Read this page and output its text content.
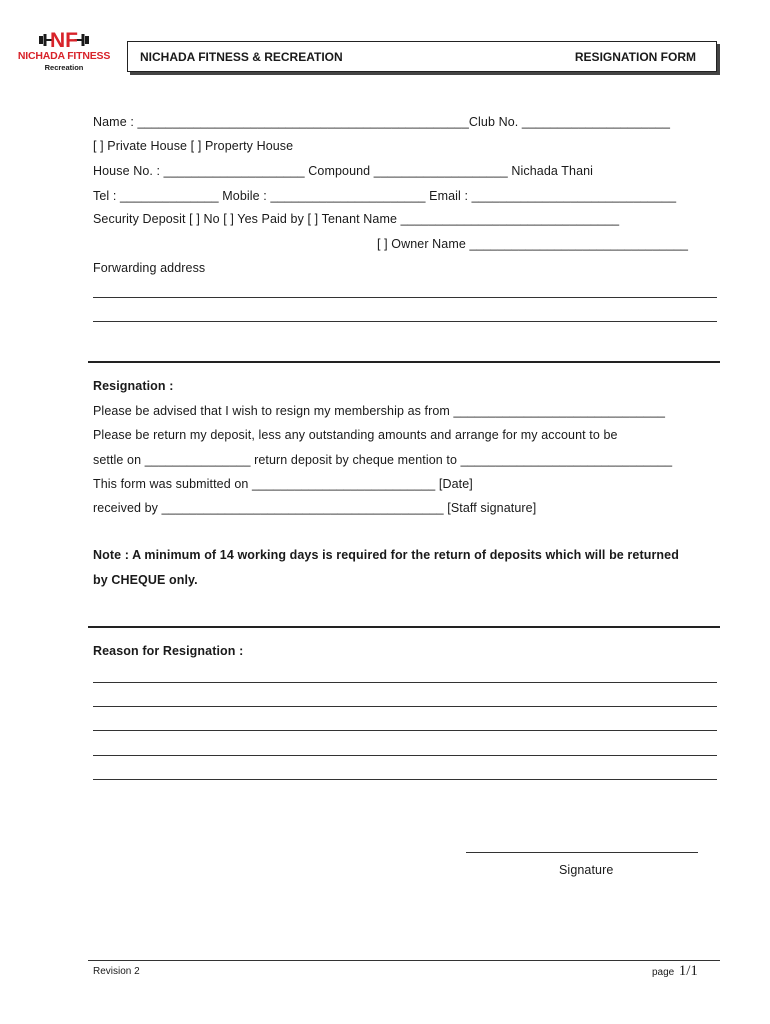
NF
NICHADA FITNESS
Recreation
NICHADA FITNESS & RECREATION	RESIGNATION FORM
Name : _______________________________________________Club No. _____________________
[ ] Private House [ ] Property House
House No. : ____________________ Compound ___________________ Nichada Thani
Tel : ______________ Mobile : ______________________ Email : _____________________________
Security Deposit [ ] No [ ] Yes Paid by [ ] Tenant Name _______________________________
[ ] Owner Name _______________________________
Forwarding address
Resignation :
Please be advised that I wish to resign my membership as from ______________________________
Please be return my deposit, less any outstanding amounts and arrange for my account to be
settle on _______________ return deposit by cheque mention to ______________________________
This form was submitted on __________________________ [Date]
received by ________________________________________ [Staff signature]
Note : A minimum of 14 working days is required for the return of deposits which will be returned
by CHEQUE only.
Reason for Resignation :
Signature
Revision 2	page 1/1
